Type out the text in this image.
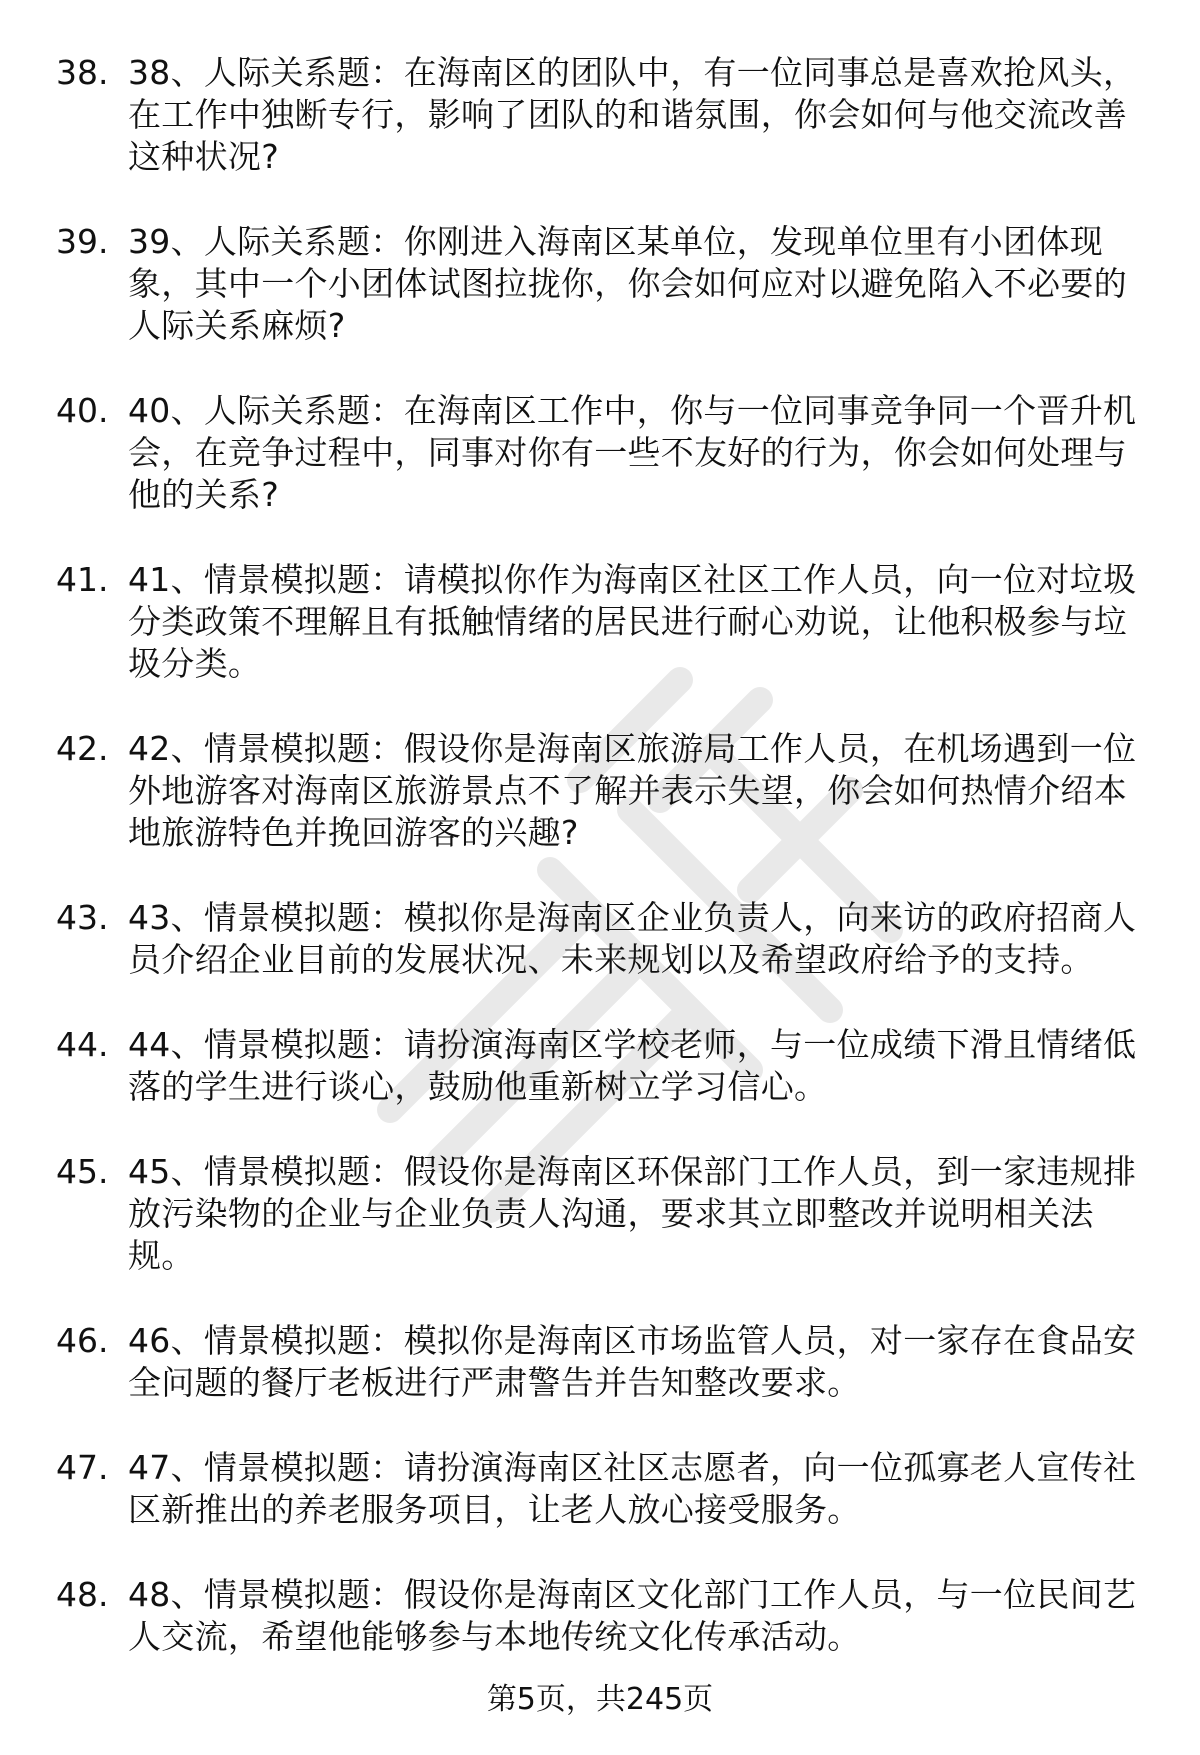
38. 38、人际关系题：在海南区的团队中，有一位同事总是喜欢抢风头，在工作中独断专行，影响了团队的和谐氛围，你会如何与他交流改善这种状况?
39. 39、人际关系题：你刚进入海南区某单位，发现单位里有小团体现象，其中一个小团体试图拉拢你，你会如何应对以避免陷入不必要的人际关系麻烦?
40. 40、人际关系题：在海南区工作中，你与一位同事竞争同一个晋升机会，在竞争过程中，同事对你有一些不友好的行为，你会如何处理与他的关系?
41. 41、情景模拟题：请模拟你作为海南区社区工作人员，向一位对垃圾分类政策不理解且有抵触情绪的居民进行耐心劝说，让他积极参与垃圾分类。
42. 42、情景模拟题：假设你是海南区旅游局工作人员，在机场遇到一位外地游客对海南区旅游景点不了解并表示失望，你会如何热情介绍本地旅游特色并挽回游客的兴趣?
43. 43、情景模拟题：模拟你是海南区企业负责人，向来访的政府招商人员介绍企业目前的发展状况、未来规划以及希望政府给予的支持。
44. 44、情景模拟题：请扮演海南区学校老师，与一位成绩下滑且情绪低落的学生进行谈心，鼓励他重新树立学习信心。
45. 45、情景模拟题：假设你是海南区环保部门工作人员，到一家违规排放污染物的企业与企业负责人沟通，要求其立即整改并说明相关法规。
46. 46、情景模拟题：模拟你是海南区市场监管人员，对一家存在食品安全问题的餐厅老板进行严肃警告并告知整改要求。
47. 47、情景模拟题：请扮演海南区社区志愿者，向一位孤寡老人宣传社区新推出的养老服务项目，让老人放心接受服务。
48. 48、情景模拟题：假设你是海南区文化部门工作人员，与一位民间艺人交流，希望他能够参与本地传统文化传承活动。
第5页，共245页
